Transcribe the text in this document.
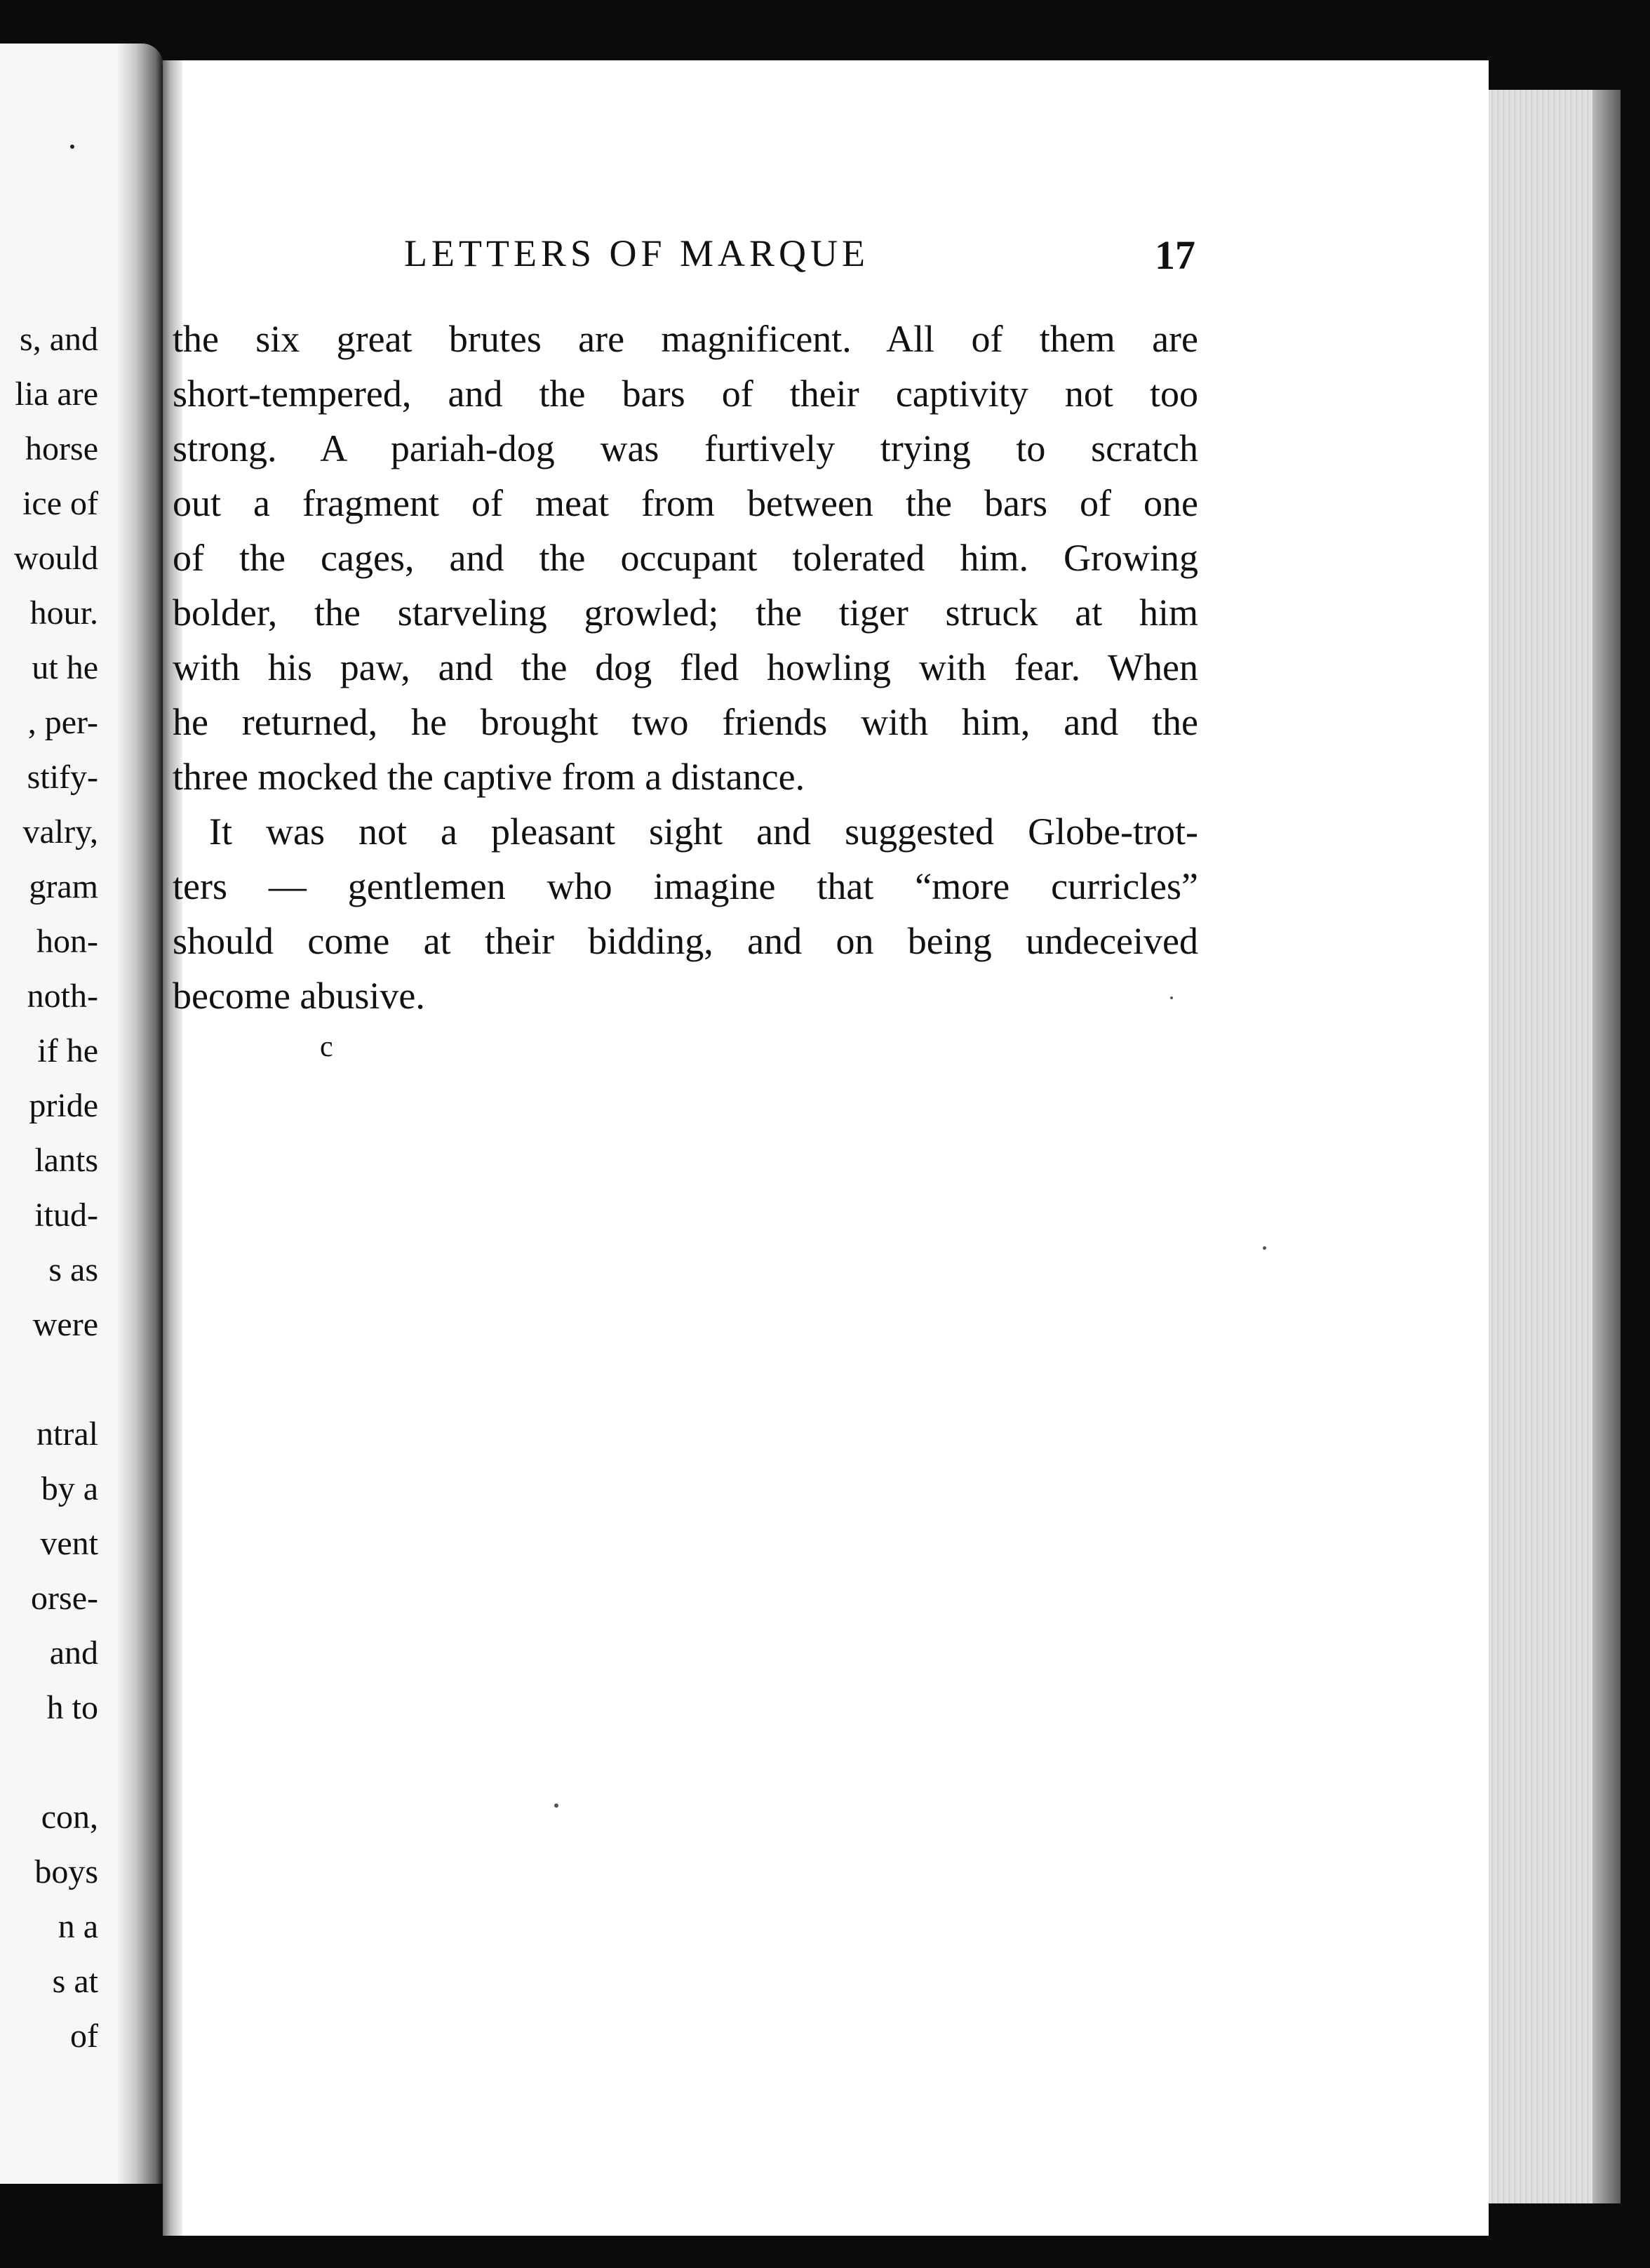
s, and
lia are
horse
ice of
would
hour.
ut he
, per-
stify-
valry,
gram
hon-
noth-
if he
pride
lants
itud-
s as
were
ntral
by a
vent
orse-
and
h to
con,
boys
n a
s at
of
LETTERS OF MARQUE	17
the six great brutes are magnificent. All of them are
short-tempered, and the bars of their captivity not too
strong. A pariah-dog was furtively trying to scratch
out a fragment of meat from between the bars of one
of the cages, and the occupant tolerated him. Growing
bolder, the starveling growled; the tiger struck at him
with his paw, and the dog fled howling with fear. When
he returned, he brought two friends with him, and the
three mocked the captive from a distance.
It was not a pleasant sight and suggested Globe-trot-
ters — gentlemen who imagine that “more curricles”
should come at their bidding, and on being undeceived
become abusive.
c
